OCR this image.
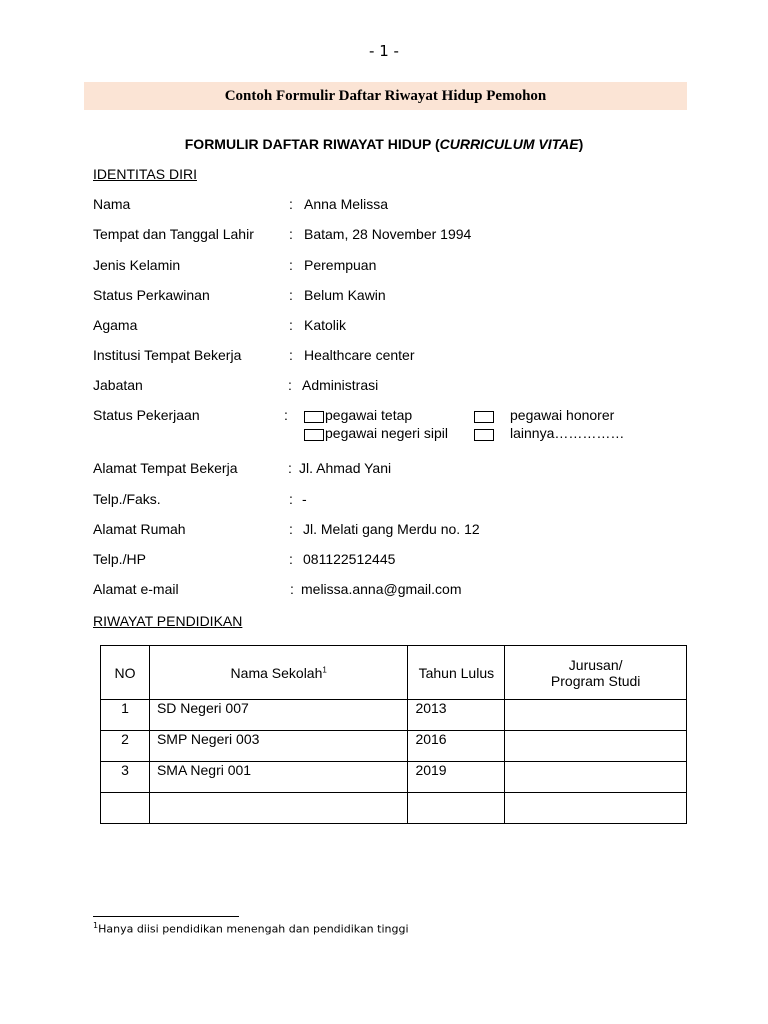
- 1 -
Contoh Formulir Daftar Riwayat Hidup Pemohon
FORMULIR DAFTAR RIWAYAT HIDUP (CURRICULUM VITAE)
IDENTITAS DIRI
Nama	: Anna Melissa
Tempat dan Tanggal Lahir	: Batam, 28 November 1994
Jenis Kelamin	: Perempuan
Status Perkawinan	: Belum Kawin
Agama	: Katolik
Institusi Tempat Bekerja	: Healthcare center
Jabatan	: Administrasi
Status Pekerjaan	:	pegawai tetap	pegawai honorer
pegawai negeri sipil	lainnya……………
Alamat Tempat Bekerja	: Jl. Ahmad Yani
Telp./Faks.	: -
Alamat Rumah	: Jl. Melati gang Merdu no. 12
Telp./HP	: 081122512445
Alamat e-mail	: melissa.anna@gmail.com
RIWAYAT PENDIDIKAN
NO	Nama Sekolah$^1$	Tahun Lulus	Jurusan/
Program Studi
1	SD Negeri 007	2013	
2	SMP Negeri 003	2016	
3	SMA Negri 001	2019	

$^1$Hanya diisi pendidikan menengah dan pendidikan tinggi
